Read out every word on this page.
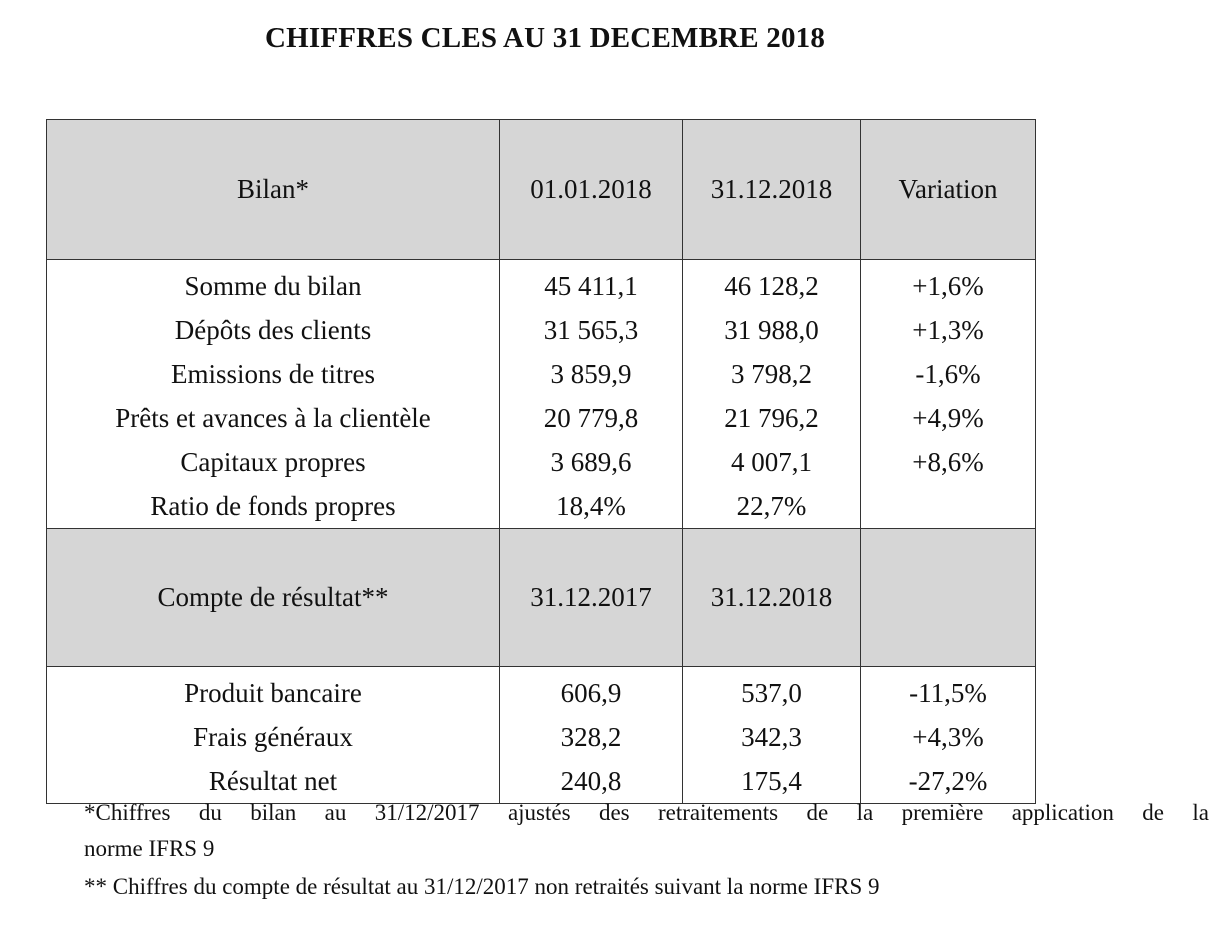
CHIFFRES CLES AU 31 DECEMBRE 2018
Bilan*	01.01.2018	31.12.2018	Variation
Somme du bilan	45 411,1	46 128,2	+1,6%
Dépôts des clients	31 565,3	31 988,0	+1,3%
Emissions de titres	3 859,9	3 798,2	-1,6%
Prêts et avances à la clientèle	20 779,8	21 796,2	+4,9%
Capitaux propres	3 689,6	4 007,1	+8,6%
Ratio de fonds propres	18,4%	22,7%	
Compte de résultat**	31.12.2017	31.12.2018	
Produit bancaire	606,9	537,0	-11,5%
Frais généraux	328,2	342,3	+4,3%
Résultat net	240,8	175,4	-27,2%
*Chiffres du bilan au 31/12/2017 ajustés des retraitements de la première application de la
norme IFRS 9
** Chiffres du compte de résultat au 31/12/2017 non retraités suivant la norme IFRS 9
